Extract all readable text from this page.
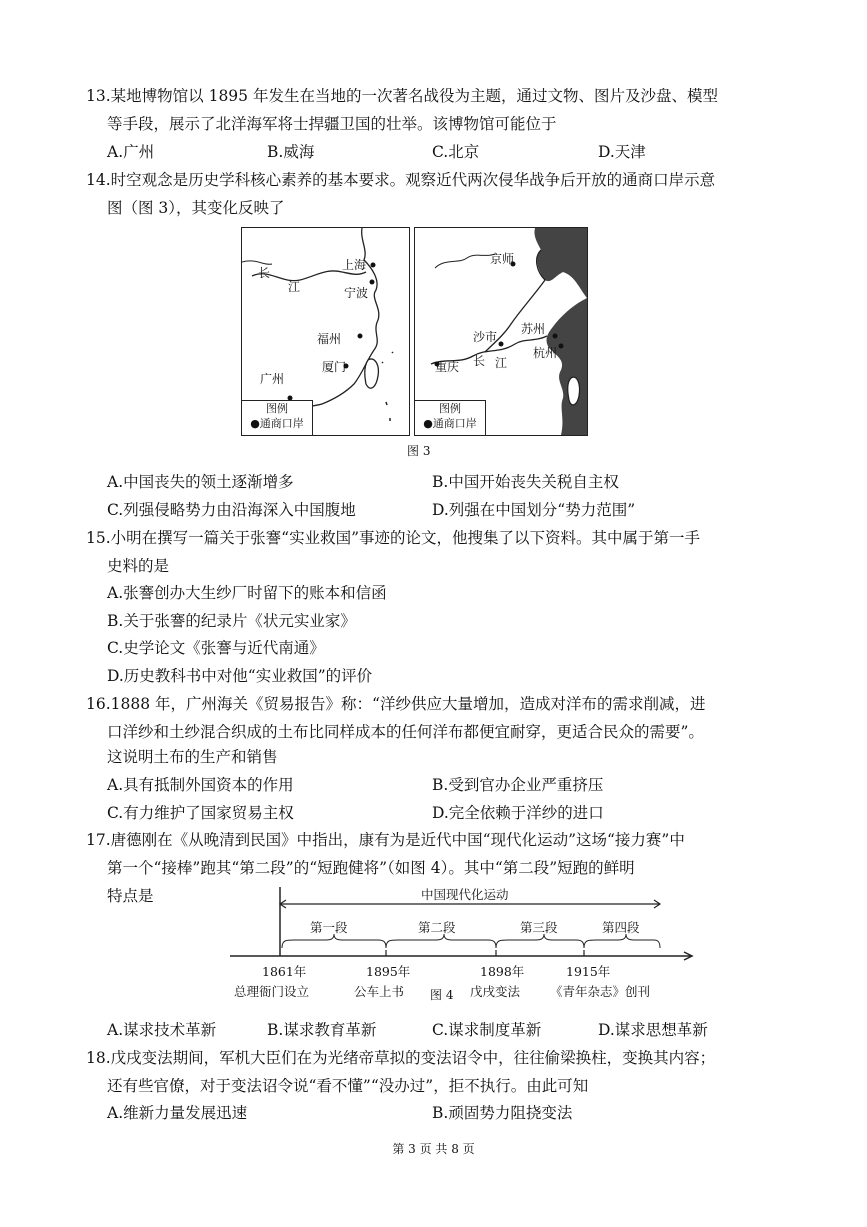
13.某地博物馆以 1895 年发生在当地的一次著名战役为主题，通过文物、图片及沙盘、模型
等手段，展示了北洋海军将士捍疆卫国的壮举。该博物馆可能位于
A.广州	B.威海	C.北京	D.天津
14.时空观念是历史学科核心素养的基本要求。观察近代两次侵华战争后开放的通商口岸示意
图（图 3），其变化反映了
长
江
上海
宁波
福州
厦门
广州
图例
●通商口岸
京师
沙市
苏州
杭州
重庆 长 江
图例
●通商口岸
图 3
A.中国丧失的领土逐渐增多	B.中国开始丧失关税自主权
C.列强侵略势力由沿海深入中国腹地	D.列强在中国划分“势力范围”
15.小明在撰写一篇关于张謇“实业救国”事迹的论文，他搜集了以下资料。其中属于第一手
史料的是
A.张謇创办大生纱厂时留下的账本和信函
B.关于张謇的纪录片《状元实业家》
C.史学论文《张謇与近代南通》
D.历史教科书中对他“实业救国”的评价
16.1888 年，广州海关《贸易报告》称：“洋纱供应大量增加，造成对洋布的需求削减，进
口洋纱和土纱混合织成的土布比同样成本的任何洋布都便宜耐穿，更适合民众的需要”。
这说明土布的生产和销售
A.具有抵制外国资本的作用	B.受到官办企业严重挤压
C.有力维护了国家贸易主权	D.完全依赖于洋纱的进口
17.唐德刚在《从晚清到民国》中指出，康有为是近代中国“现代化运动”这场“接力赛”中
第一个“接棒”跑其“第二段”的“短跑健将”（如图 4）。其中“第二段”短跑的鲜明
特点是	中国现代化运动
第一段	第二段	第三段	第四段
1861年	1895年	1898年	1915年
总理衙门设立	公车上书 图 4 戊戌变法 《青年杂志》创刊
A.谋求技术革新	B.谋求教育革新	C.谋求制度革新	D.谋求思想革新
18.戊戌变法期间，军机大臣们在为光绪帝草拟的变法诏令中，往往偷梁换柱，变换其内容；
还有些官僚，对于变法诏令说“看不懂”“没办过”，拒不执行。由此可知
A.维新力量发展迅速	B.顽固势力阻挠变法
第 3 页 共 8 页
